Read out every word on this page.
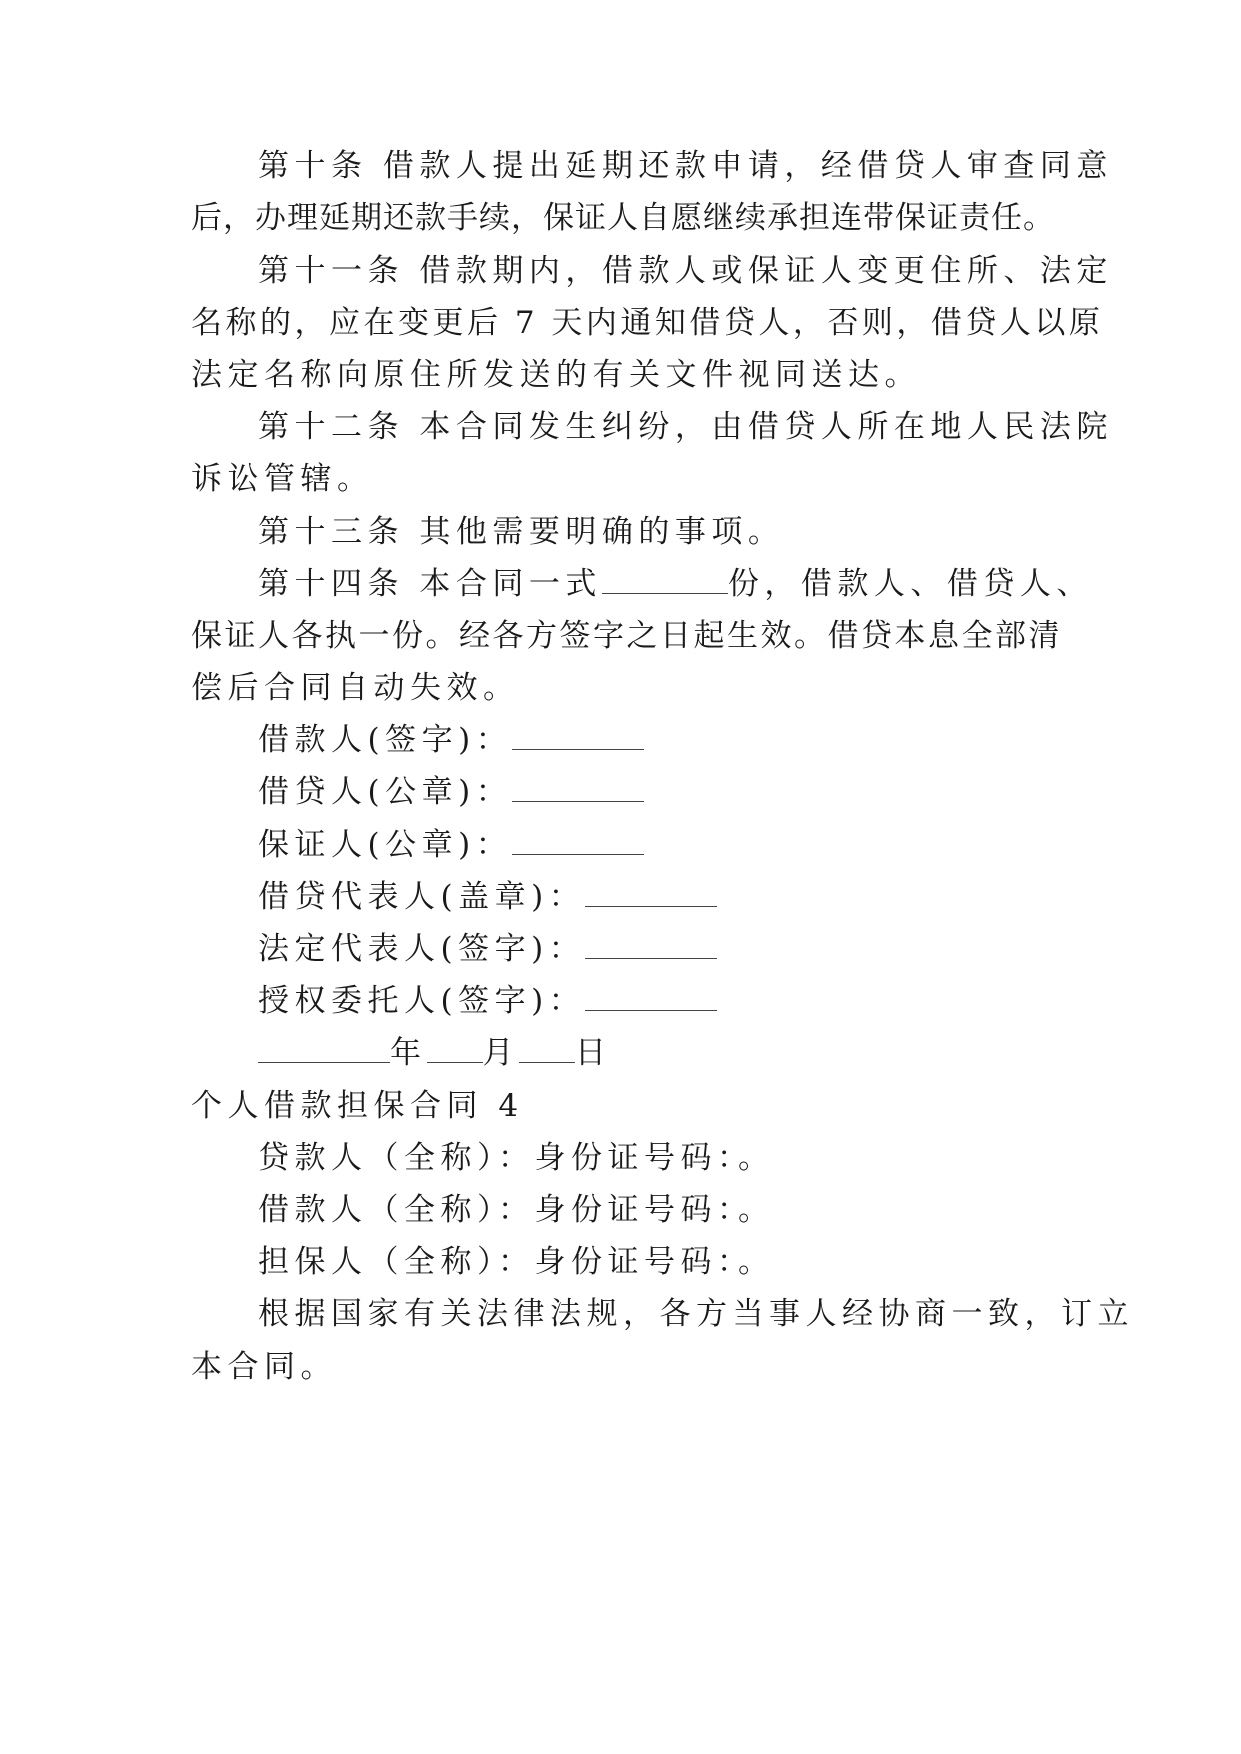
第十条 借款人提出延期还款申请，经借贷人审查同意
后，办理延期还款手续，保证人自愿继续承担连带保证责任。
第十一条 借款期内，借款人或保证人变更住所、法定
名称的，应在变更后 7 天内通知借贷人，否则，借贷人以原
法定名称向原住所发送的有关文件视同送达。
第十二条 本合同发生纠纷，由借贷人所在地人民法院
诉讼管辖。
第十三条 其他需要明确的事项。
第十四条 本合同一式	份，借款人、借贷人、
保证人各执一份。经各方签字之日起生效。借贷本息全部清
偿后合同自动失效。
借款人(签字)：
借贷人(公章)：
保证人(公章)：
借贷代表人(盖章)：
法定代表人(签字)：
授权委托人(签字)：
年 月 日
个人借款担保合同 4
贷款人（全称）：身份证号码：。
借款人（全称）：身份证号码：。
担保人（全称）：身份证号码：。
根据国家有关法律法规，各方当事人经协商一致，订立
本合同。
